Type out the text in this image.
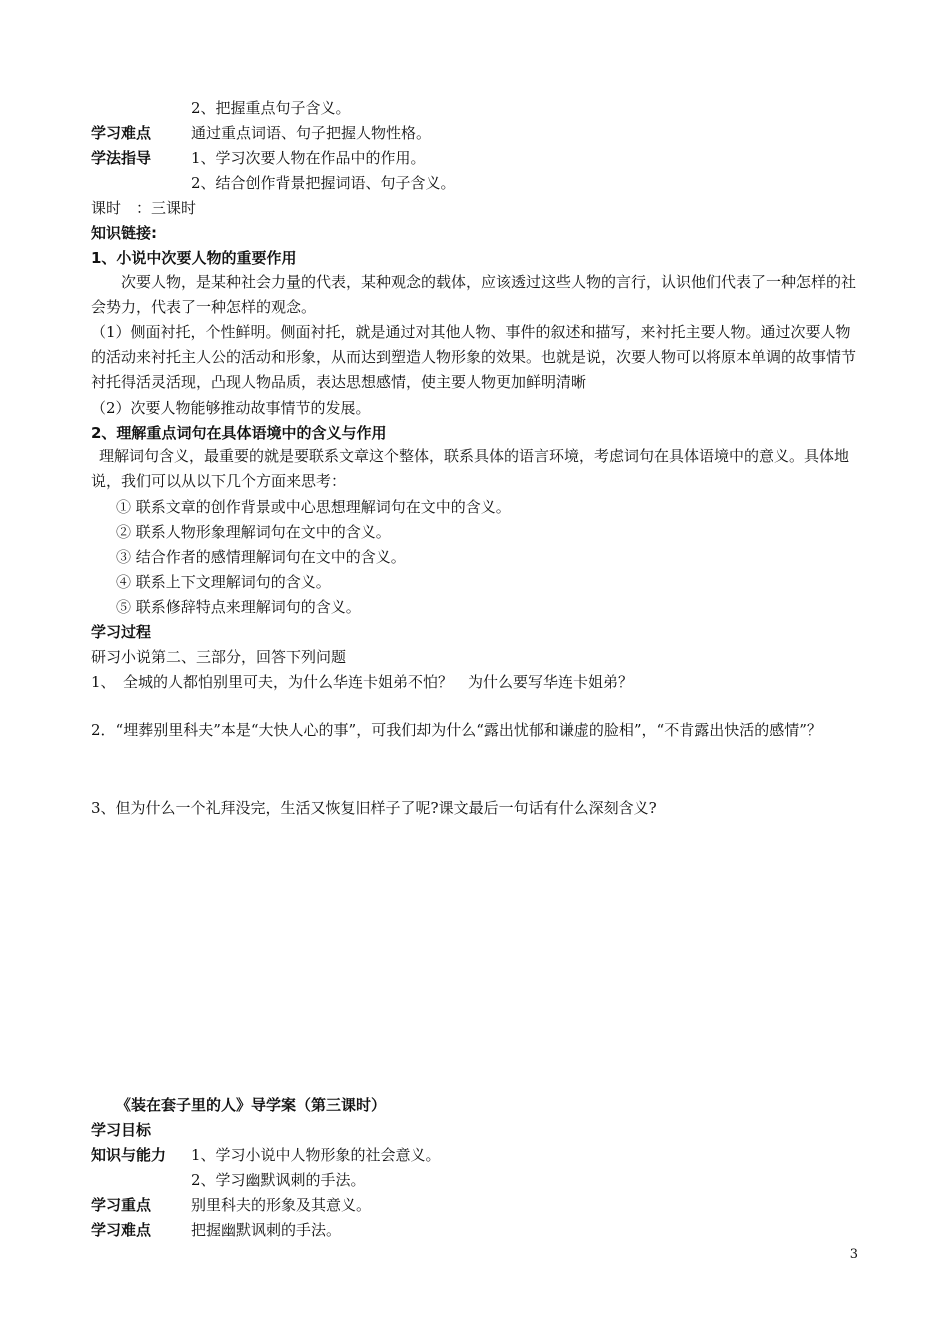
2、把握重点句子含义。
学习难点	通过重点词语、句子把握人物性格。
学法指导	1、学习次要人物在作品中的作用。
2、结合创作背景把握词语、句子含义。
课时　：三课时
知识链接:
1、小说中次要人物的重要作用
次要人物，是某种社会力量的代表，某种观念的载体，应该透过这些人物的言行，认识他们代表了一种怎样的社会势力，代表了一种怎样的观念。
（1）侧面衬托，个性鲜明。侧面衬托，就是通过对其他人物、事件的叙述和描写，来衬托主要人物。通过次要人物的活动来衬托主人公的活动和形象，从而达到塑造人物形象的效果。也就是说，次要人物可以将原本单调的故事情节衬托得活灵活现，凸现人物品质，表达思想感情，使主要人物更加鲜明清晰
（2）次要人物能够推动故事情节的发展。
2、理解重点词句在具体语境中的含义与作用
理解词句含义，最重要的就是要联系文章这个整体，联系具体的语言环境，考虑词句在具体语境中的意义。具体地说，我们可以从以下几个方面来思考：
① 联系文章的创作背景或中心思想理解词句在文中的含义。
② 联系人物形象理解词句在文中的含义。
③ 结合作者的感情理解词句在文中的含义。
④ 联系上下文理解词句的含义。
⑤ 联系修辞特点来理解词句的含义。
学习过程
研习小说第二、三部分，回答下列问题
1、　全城的人都怕别里可夫，为什么华连卡姐弟不怕？　为什么要写华连卡姐弟？
2．“埋葬别里科夫”本是“大快人心的事”，可我们却为什么“露出忧郁和谦虚的脸相”，“不肯露出快活的感情”？
3、但为什么一个礼拜没完，生活又恢复旧样子了呢?课文最后一句话有什么深刻含义?
《装在套子里的人》导学案（第三课时）
学习目标
知识与能力 1、学习小说中人物形象的社会意义。
2、学习幽默讽刺的手法。
学习重点	别里科夫的形象及其意义。
学习难点	把握幽默讽刺的手法。
3
